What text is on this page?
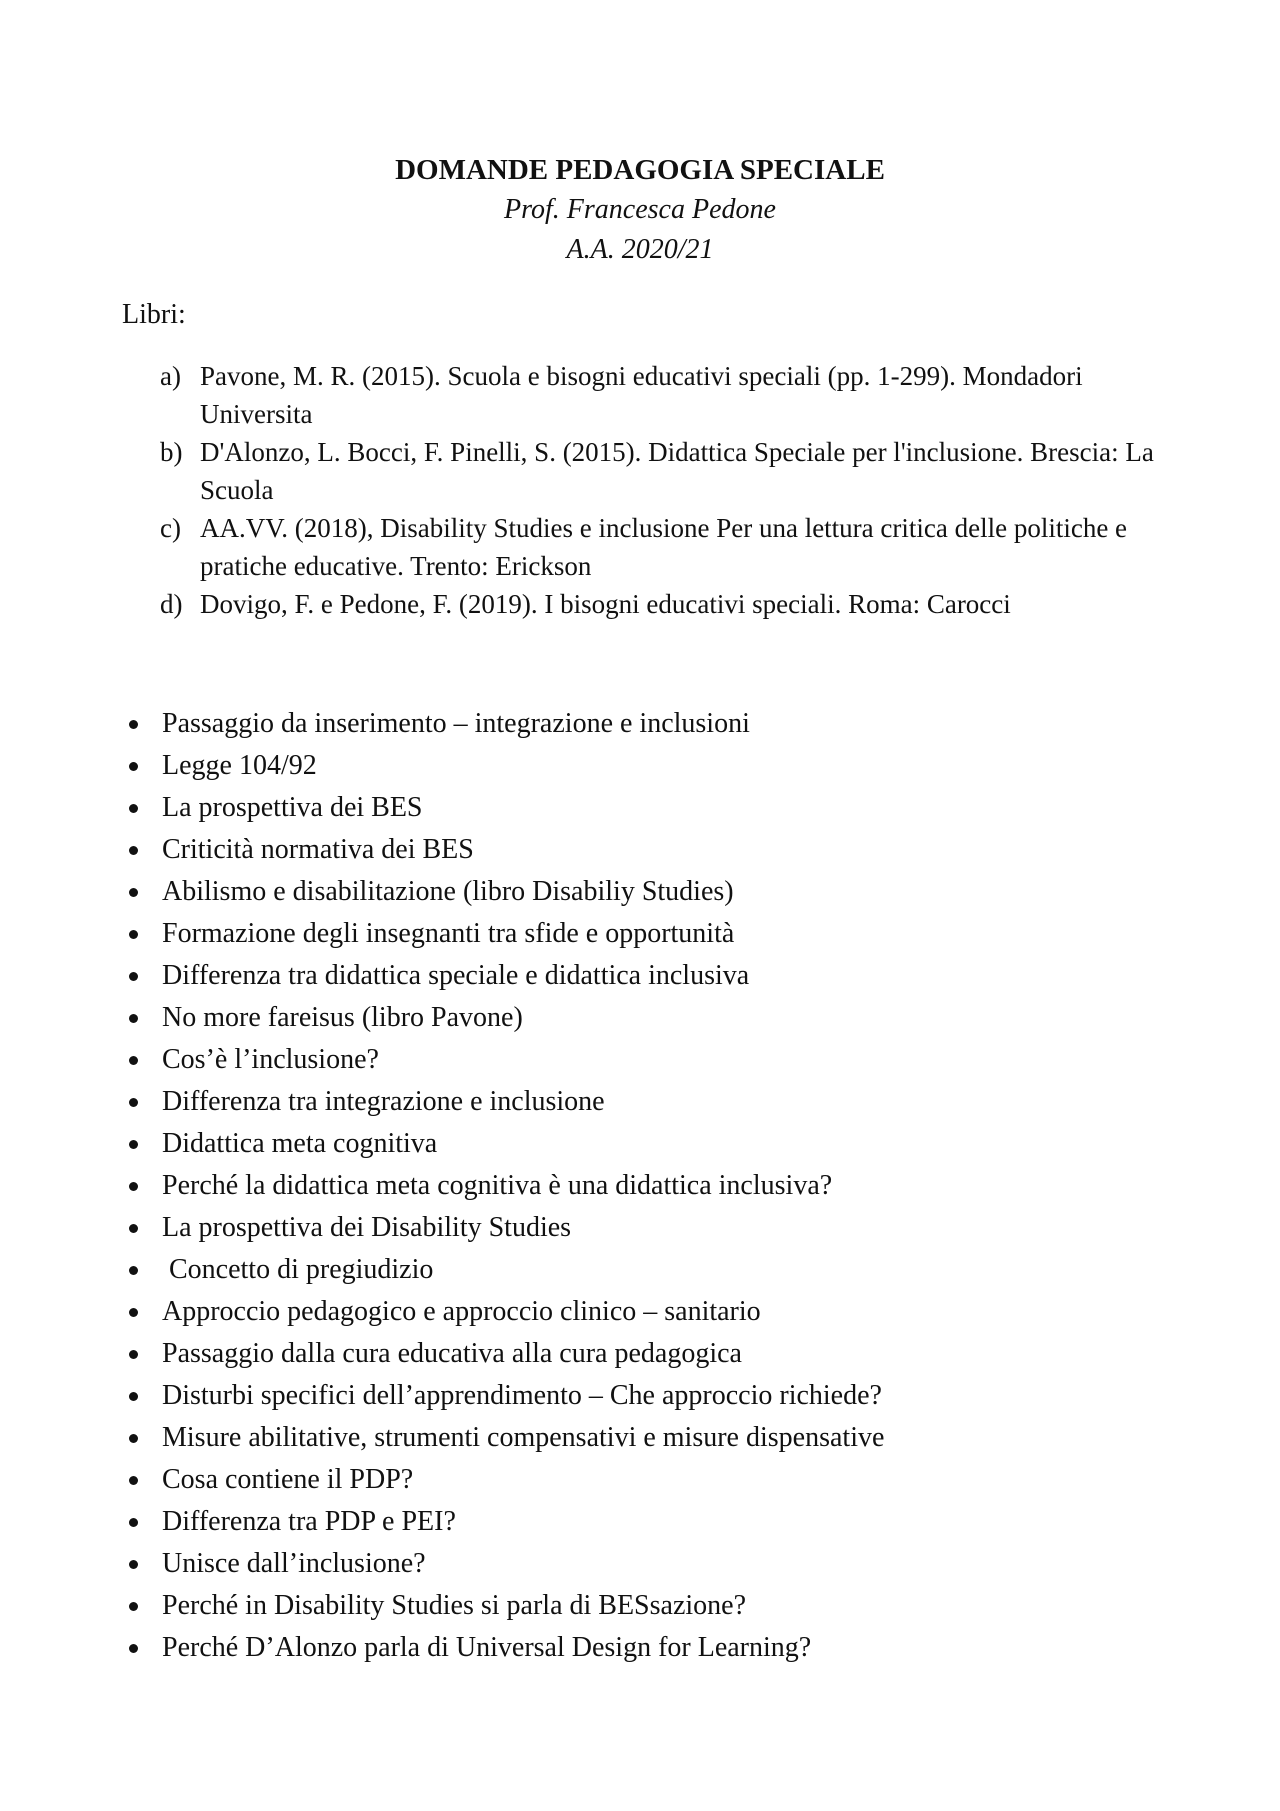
DOMANDE PEDAGOGIA SPECIALE

Prof. Francesca Pedone

A.A. 2020/21

Libri:
a) Pavone, M. R. (2015). Scuola e bisogni educativi speciali (pp. 1-299). Mondadori Universita
b) D'Alonzo, L. Bocci, F. Pinelli, S. (2015). Didattica Speciale per l'inclusione. Brescia: La Scuola
c) AA.VV. (2018), Disability Studies e inclusione Per una lettura critica delle politiche e pratiche educative. Trento: Erickson
d) Dovigo, F. e Pedone, F. (2019). I bisogni educativi speciali. Roma: Carocci
Passaggio da inserimento – integrazione e inclusioni
Legge 104/92
La prospettiva dei BES
Criticità normativa dei BES
Abilismo e disabilitazione (libro Disabiliy Studies)
Formazione degli insegnanti tra sfide e opportunità
Differenza tra didattica speciale e didattica inclusiva
No more fareisus (libro Pavone)
Cos’è l’inclusione?
Differenza tra integrazione e inclusione
Didattica meta cognitiva
Perché la didattica meta cognitiva è una didattica inclusiva?
La prospettiva dei Disability Studies
Concetto di pregiudizio
Approccio pedagogico e approccio clinico – sanitario
Passaggio dalla cura educativa alla cura pedagogica
Disturbi specifici dell’apprendimento – Che approccio richiede?
Misure abilitative, strumenti compensativi e misure dispensative
Cosa contiene il PDP?
Differenza tra PDP e PEI?
Unisce dall’inclusione?
Perché in Disability Studies si parla di BESsazione?
Perché D’Alonzo parla di Universal Design for Learning?
